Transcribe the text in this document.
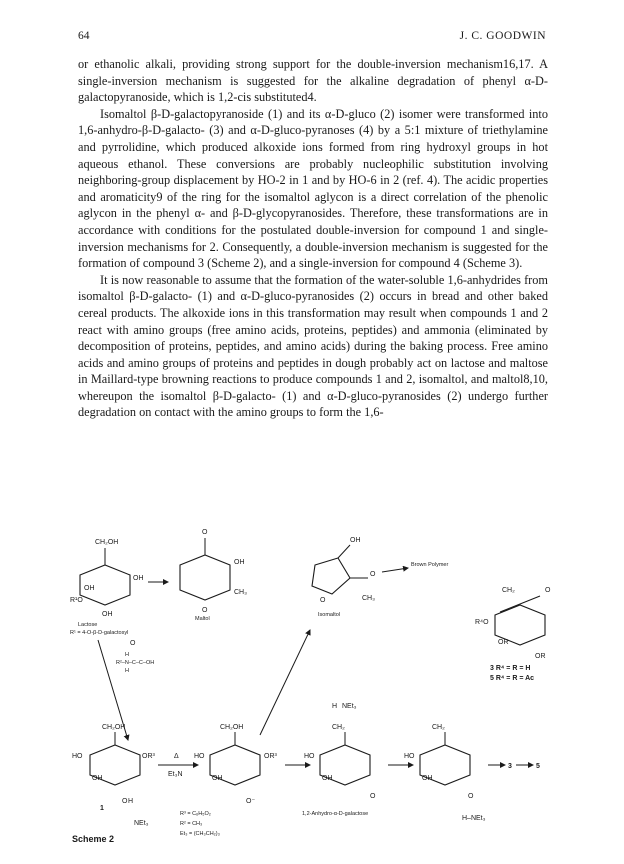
64	J. C. GOODWIN

or ethanolic alkali, providing strong support for the double-inversion mechanism16,17. A single-inversion mechanism is suggested for the alkaline degradation of phenyl α-D-galactopyranoside, which is 1,2-cis substituted4.

Isomaltol β-D-galactopyranoside (1) and its α-D-gluco (2) isomer were transformed into 1,6-anhydro-β-D-galacto- (3) and α-D-gluco-pyranoses (4) by a 5:1 mixture of triethylamine and pyrrolidine, which produced alkoxide ions formed from ring hydroxyl groups in hot aqueous ethanol. These conversions are probably nucleophilic substitution involving neighboring-group displacement by HO-2 in 1 and by HO-6 in 2 (ref. 4). The acidic properties and aromaticity9 of the ring for the isomaltol aglycon is a direct correlation of the phenolic aglycon in the phenyl α- and β-D-glycopyranosides. Therefore, these transformations are in accordance with conditions for the postulated double-inversion for compound 1 and single-inversion mechanisms for 2. Consequently, a double-inversion mechanism is suggested for the formation of compound 3 (Scheme 2), and a single-inversion for compound 4 (Scheme 3).

It is now reasonable to assume that the formation of the water-soluble 1,6-anhydrides from isomaltol β-D-galacto- (1) and α-D-gluco-pyranosides (2) occurs in bread and other baked cereal products. The alkoxide ions in this transformation may result when compounds 1 and 2 react with amino groups (free amino acids, proteins, peptides) and ammonia (eliminated by decomposition of proteins, peptides, and amino acids) during the baking process. Free amino acids and amino groups of proteins and peptides in dough probably act on lactose and maltose in Maillard-type browning reactions to produce compounds 1 and 2, isomaltol, and maltol8,10, whereupon the isomaltol β-D-galacto- (1) and α-D-gluco-pyranosides (2) undergo further degradation on contact with the amino groups to form the 1,6-

CH₂OH
OH
OH
R¹O
OH
Lactose
R¹ = 4-O-β-D-galactosyl
O
OH
CH₃
O
Maltol
OH
O
CH₃
O
Isomaltol
Brown Polymer
CH₂	O
R⁴O
OR
OR
3 R⁴ = R = H
5 R⁴ = R = Ac
O
R²–N–C–C–OH
H
H
CH₂OH
HO	OR³
OH
O H
1
NEt₃
Δ
Et₃N
CH₂OH
HO	OR³
OH
O⁻
CH₂
H NEt₃
HO
OH
O
1,2-Anhydro-α-D-galactose
CH₂
HO
OH
O
H–NEt₃
3	5
R³ = C₆H₅O₂
R² = CH₃
Et₃ = (CH₃CH₂)₃
Scheme 2
